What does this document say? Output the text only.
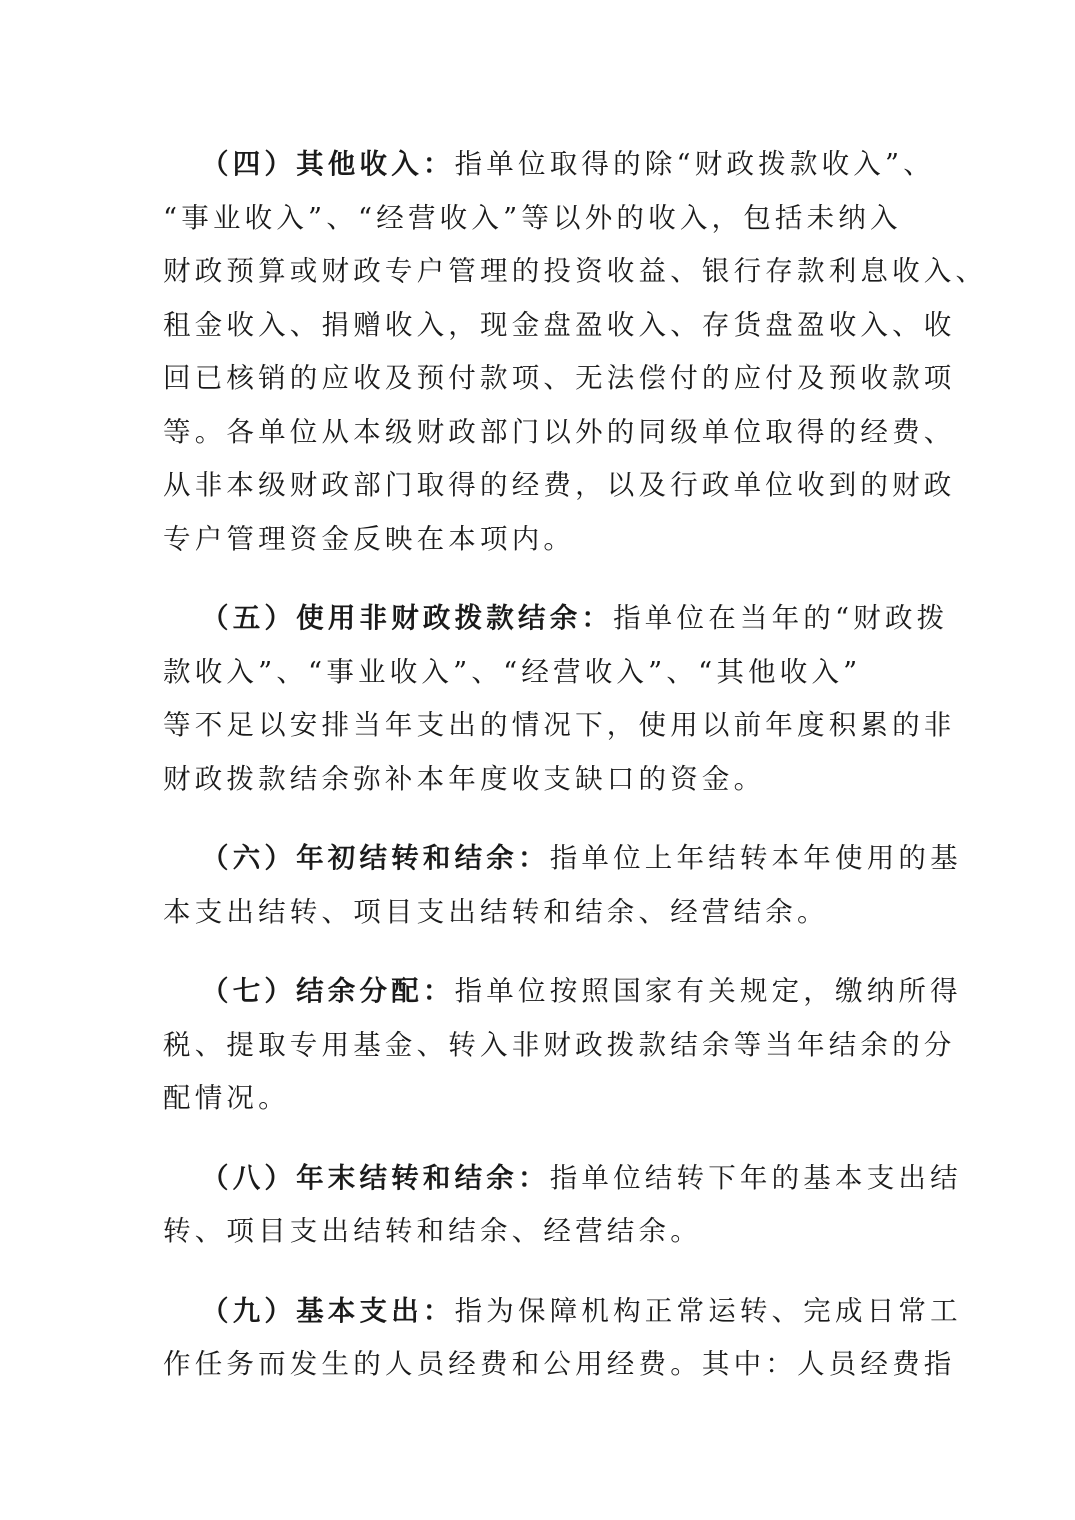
（四）其他收入：指单位取得的除“财政拨款收入”、
“事业收入”、“经营收入”等以外的收入，包括未纳入
财政预算或财政专户管理的投资收益、银行存款利息收入、
租金收入、捐赠收入，现金盘盈收入、存货盘盈收入、收
回已核销的应收及预付款项、无法偿付的应付及预收款项
等。各单位从本级财政部门以外的同级单位取得的经费、
从非本级财政部门取得的经费，以及行政单位收到的财政
专户管理资金反映在本项内。
（五）使用非财政拨款结余：指单位在当年的“财政拨
款收入”、“事业收入”、“经营收入”、“其他收入”
等不足以安排当年支出的情况下，使用以前年度积累的非
财政拨款结余弥补本年度收支缺口的资金。
（六）年初结转和结余：指单位上年结转本年使用的基
本支出结转、项目支出结转和结余、经营结余。
（七）结余分配：指单位按照国家有关规定，缴纳所得
税、提取专用基金、转入非财政拨款结余等当年结余的分
配情况。
（八）年末结转和结余：指单位结转下年的基本支出结
转、项目支出结转和结余、经营结余。
（九）基本支出：指为保障机构正常运转、完成日常工
作任务而发生的人员经费和公用经费。其中：人员经费指
